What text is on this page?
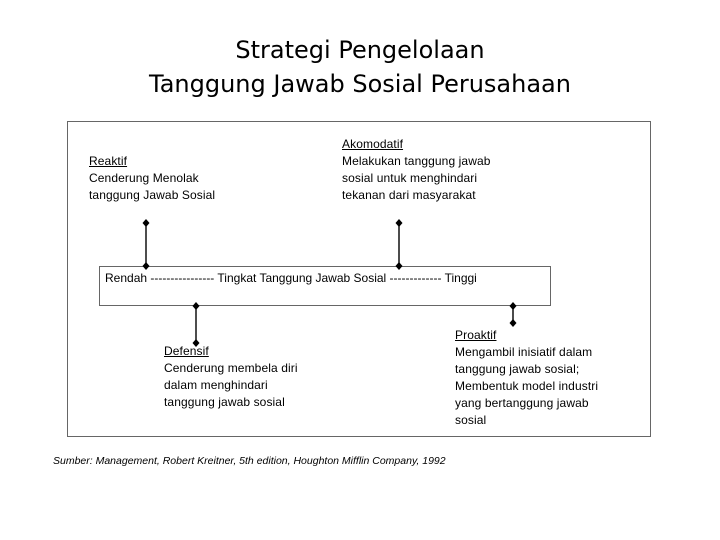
Strategi Pengelolaan
Tanggung Jawab Sosial Perusahaan
Rendah ---------------- Tingkat Tanggung Jawab Sosial ------------- Tinggi
Reaktif
Cenderung Menolak
tanggung Jawab Sosial
Akomodatif
Melakukan tanggung jawab
sosial untuk menghindari
tekanan dari masyarakat
Defensif
Cenderung membela diri
dalam menghindari
tanggung jawab sosial
Proaktif
Mengambil inisiatif dalam
tanggung jawab sosial;
Membentuk model industri
yang bertanggung jawab
sosial
Sumber: Management, Robert Kreitner, 5th edition, Houghton Mifflin Company, 1992
